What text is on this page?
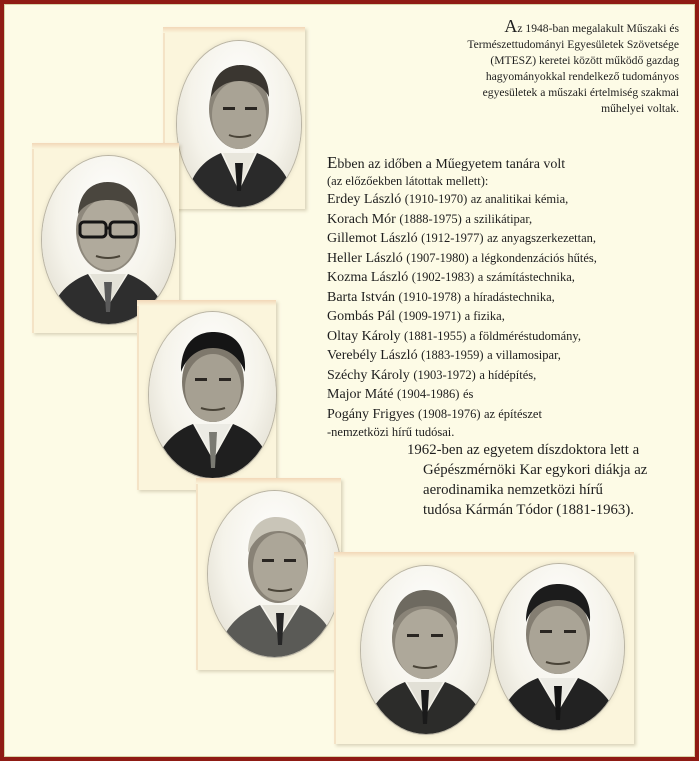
Az 1948-ban megalakult Műszaki és
Természettudományi Egyesületek Szövetsége
(MTESZ) keretei között működő gazdag
hagyományokkal rendelkező tudományos
egyesületek a műszaki értelmiség szakmai
műhelyei voltak.
Ebben az időben a Műegyetem tanára volt
(az előzőekben látottak mellett):
Erdey László (1910-1970) az analitikai kémia,
Korach Mór (1888-1975) a szilikátipar,
Gillemot László (1912-1977) az anyagszerkezettan,
Heller László (1907-1980) a légkondenzációs hűtés,
Kozma László (1902-1983) a számítástechnika,
Barta István (1910-1978) a híradástechnika,
Gombás Pál (1909-1971) a fizika,
Oltay Károly (1881-1955) a földméréstudomány,
Verebély László (1883-1959) a villamosipar,
Széchy Károly (1903-1972) a hídépítés,
Major Máté (1904-1986) és
Pogány Frigyes (1908-1976) az építészet
-nemzetközi hírű tudósai.
1962-ben az egyetem díszdoktora lett a
Gépészmérnöki Kar egykori diákja az
aerodinamika nemzetközi hírű
tudósa Kármán Tódor (1881-1963).
